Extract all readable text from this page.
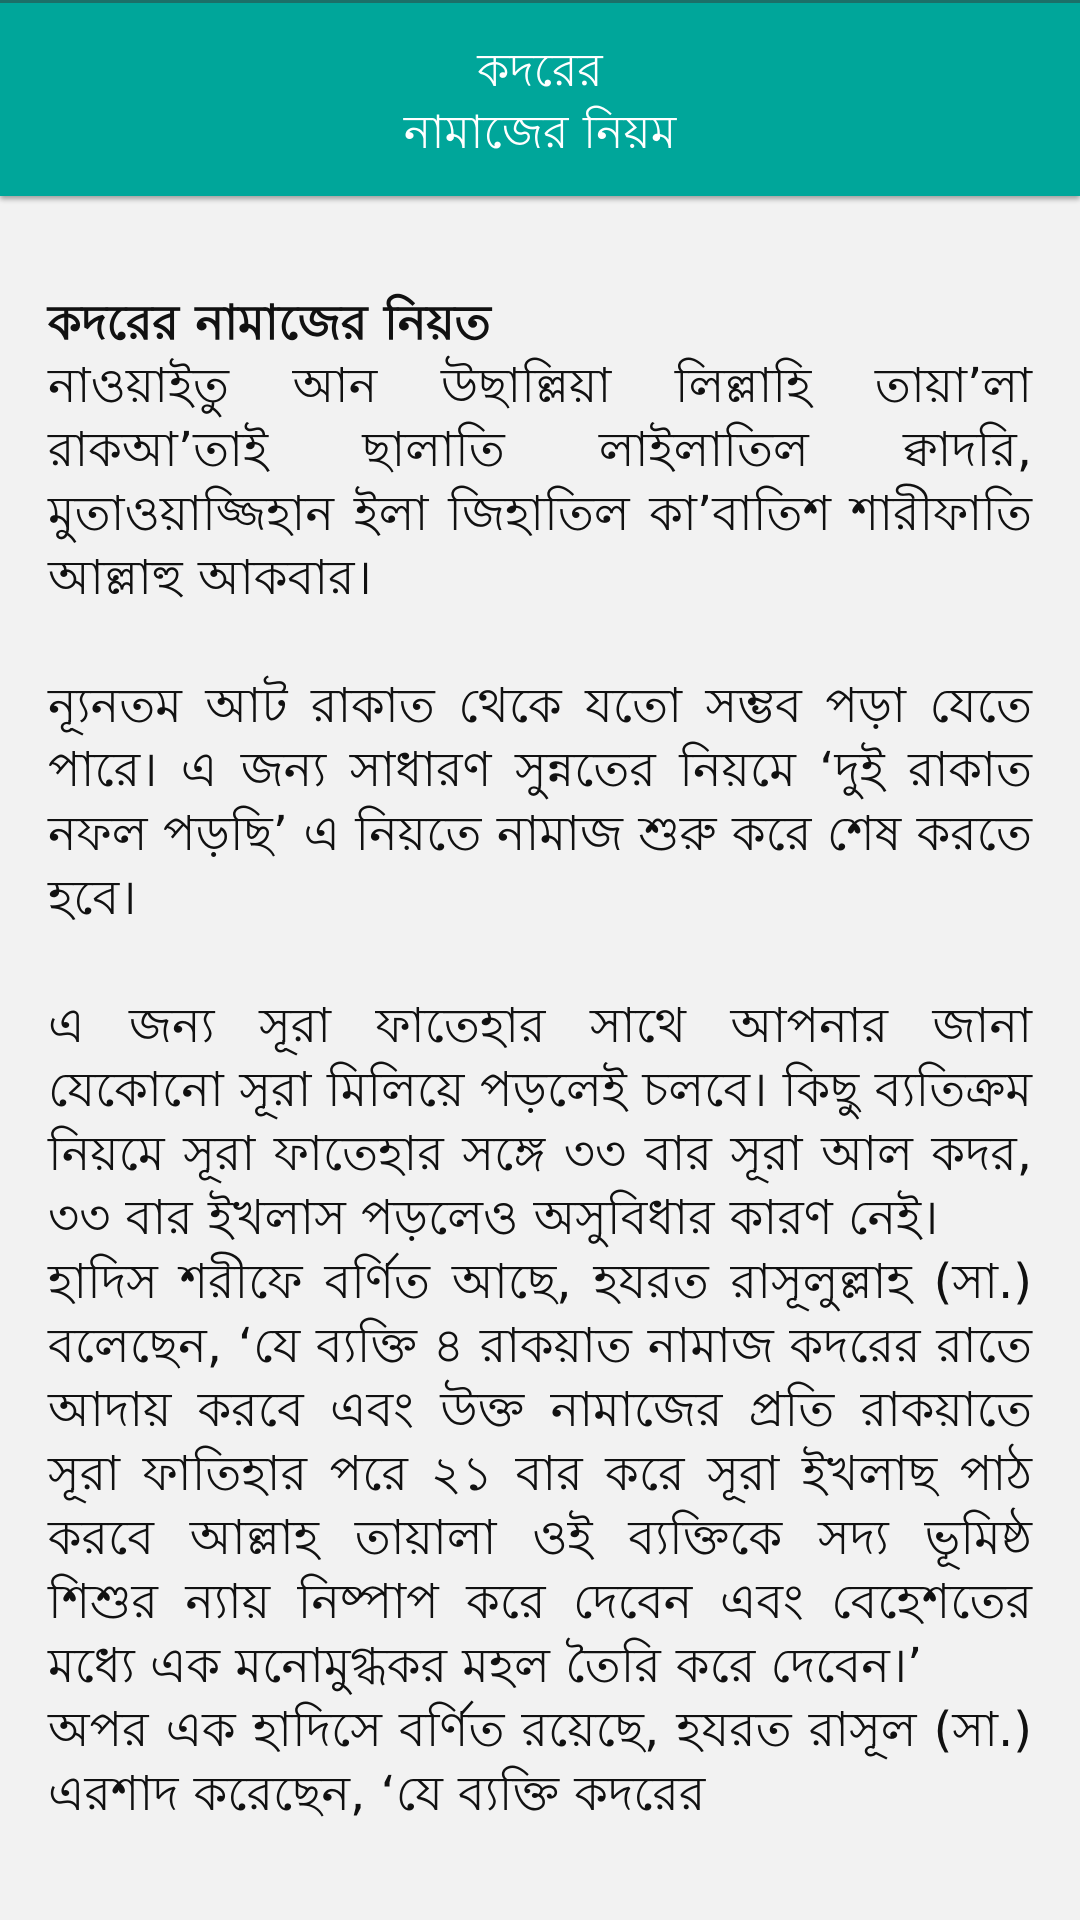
কদরের
নামাজের নিয়ম

কদরের নামাজের নিয়ত

নাওয়াইতু আন উছাল্লিয়া লিল্লাহি তায়া’লা রাকআ’তাই ছালাতি লাইলাতিল ক্বাদরি, মুতাওয়াজ্জিহান ইলা জিহাতিল কা’বাতিশ শারীফাতি আল্লাহু আকবার।

ন্যূনতম আট রাকাত থেকে যতো সম্ভব পড়া যেতে পারে। এ জন্য সাধারণ সুন্নতের নিয়মে ‘দুই রাকাত নফল পড়ছি’ এ নিয়তে নামাজ শুরু করে শেষ করতে হবে।

এ জন্য সূরা ফাতেহার সাথে আপনার জানা যেকোনো সূরা মিলিয়ে পড়লেই চলবে। কিছু ব্যতিক্রম নিয়মে সূরা ফাতেহার সঙ্গে ৩৩ বার সূরা আল কদর, ৩৩ বার ইখলাস পড়লেও অসুবিধার কারণ নেই।

হাদিস শরীফে বর্ণিত আছে, হযরত রাসূলুল্লাহ (সা.) বলেছেন, ‘যে ব্যক্তি ৪ রাকয়াত নামাজ কদরের রাতে আদায় করবে এবং উক্ত নামাজের প্রতি রাকয়াতে সূরা ফাতিহার পরে ২১ বার করে সূরা ইখলাছ পাঠ করবে আল্লাহ তায়ালা ওই ব্যক্তিকে সদ্য ভূমিষ্ঠ শিশুর ন্যায় নিষ্পাপ করে দেবেন এবং বেহেশতের মধ্যে এক মনোমুগ্ধকর মহল তৈরি করে দেবেন।’

অপর এক হাদিসে বর্ণিত রয়েছে, হযরত রাসূল (সা.) এরশাদ করেছেন, ‘যে ব্যক্তি কদরের
